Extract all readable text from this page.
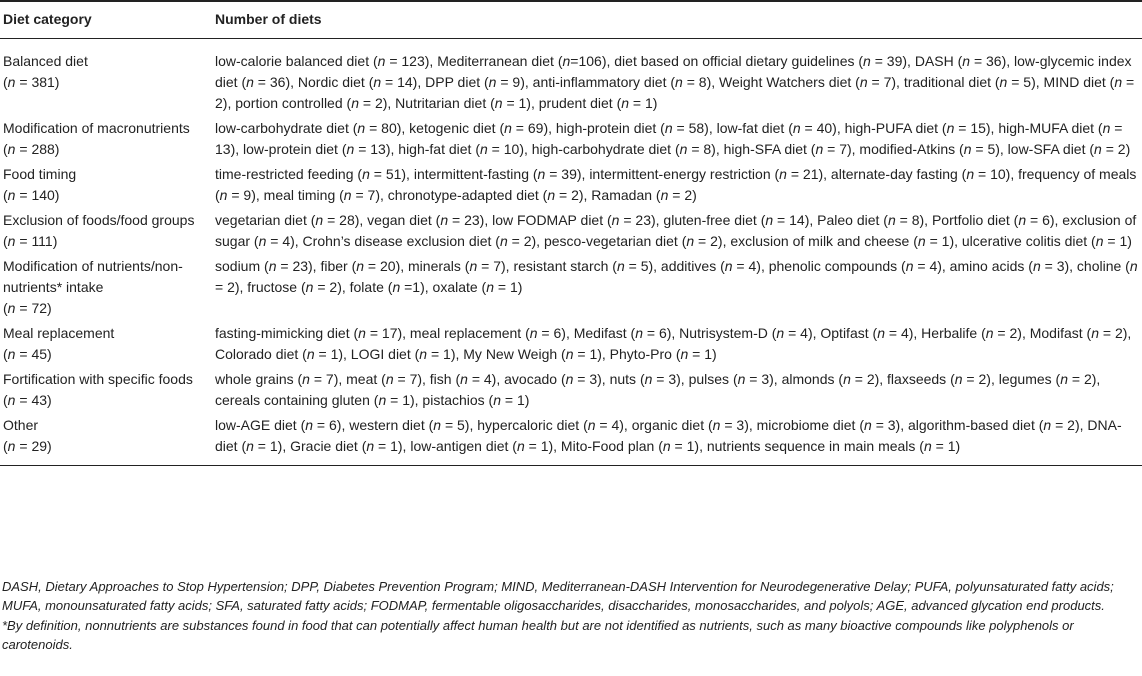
Diet category	Number of diets
Balanced diet
(n = 381)	low-calorie balanced diet (n = 123), Mediterranean diet (n=106), diet based on official dietary guidelines (n = 39), DASH (n = 36), low-glycemic index diet (n = 36), Nordic diet (n = 14), DPP diet (n = 9), anti-inflammatory diet (n = 8), Weight Watchers diet (n = 7), traditional diet (n = 5), MIND diet (n = 2), portion controlled (n = 2), Nutritarian diet (n = 1), prudent diet (n = 1)
Modification of macronutrients
(n = 288)	low-carbohydrate diet (n = 80), ketogenic diet (n = 69), high-protein diet (n = 58), low-fat diet (n = 40), high-PUFA diet (n = 15), high-MUFA diet (n = 13), low-protein diet (n = 13), high-fat diet (n = 10), high-carbohydrate diet (n = 8), high-SFA diet (n = 7), modified-Atkins (n = 5), low-SFA diet (n = 2)
Food timing
(n = 140)	time-restricted feeding (n = 51), intermittent-fasting (n = 39), intermittent-energy restriction (n = 21), alternate-day fasting (n = 10), frequency of meals (n = 9), meal timing (n = 7), chronotype-adapted diet (n = 2), Ramadan (n = 2)
Exclusion of foods/food groups
(n = 111)	vegetarian diet (n = 28), vegan diet (n = 23), low FODMAP diet (n = 23), gluten-free diet (n = 14), Paleo diet (n = 8), Portfolio diet (n = 6), exclusion of sugar (n = 4), Crohn’s disease exclusion diet (n = 2), pesco-vegetarian diet (n = 2), exclusion of milk and cheese (n = 1), ulcerative colitis diet (n = 1)
Modification of nutrients/non-nutrients* intake
(n = 72)	sodium (n = 23), fiber (n = 20), minerals (n = 7), resistant starch (n = 5), additives (n = 4), phenolic compounds (n = 4), amino acids (n = 3), choline (n = 2), fructose (n = 2), folate (n =1), oxalate (n = 1)
Meal replacement
(n = 45)	fasting-mimicking diet (n = 17), meal replacement (n = 6), Medifast (n = 6), Nutrisystem-D (n = 4), Optifast (n = 4), Herbalife (n = 2), Modifast (n = 2), Colorado diet (n = 1), LOGI diet (n = 1), My New Weigh (n = 1), Phyto-Pro (n = 1)
Fortification with specific foods
(n = 43)	whole grains (n = 7), meat (n = 7), fish (n = 4), avocado (n = 3), nuts (n = 3), pulses (n = 3), almonds (n = 2), flaxseeds (n = 2), legumes (n = 2), cereals containing gluten (n = 1), pistachios (n = 1)
Other
(n = 29)	low-AGE diet (n = 6), western diet (n = 5), hypercaloric diet (n = 4), organic diet (n = 3), microbiome diet (n = 3), algorithm-based diet (n = 2), DNA-diet (n = 1), Gracie diet (n = 1), low-antigen diet (n = 1), Mito-Food plan (n = 1), nutrients sequence in main meals (n = 1)

DASH, Dietary Approaches to Stop Hypertension; DPP, Diabetes Prevention Program; MIND, Mediterranean-DASH Intervention for Neurodegenerative Delay; PUFA, polyunsaturated fatty acids; MUFA, monounsaturated fatty acids; SFA, saturated fatty acids; FODMAP, fermentable oligosaccharides, disaccharides, monosaccharides, and polyols; AGE, advanced glycation end products.

*By definition, nonnutrients are substances found in food that can potentially affect human health but are not identified as nutrients, such as many bioactive compounds like polyphenols or carotenoids.
